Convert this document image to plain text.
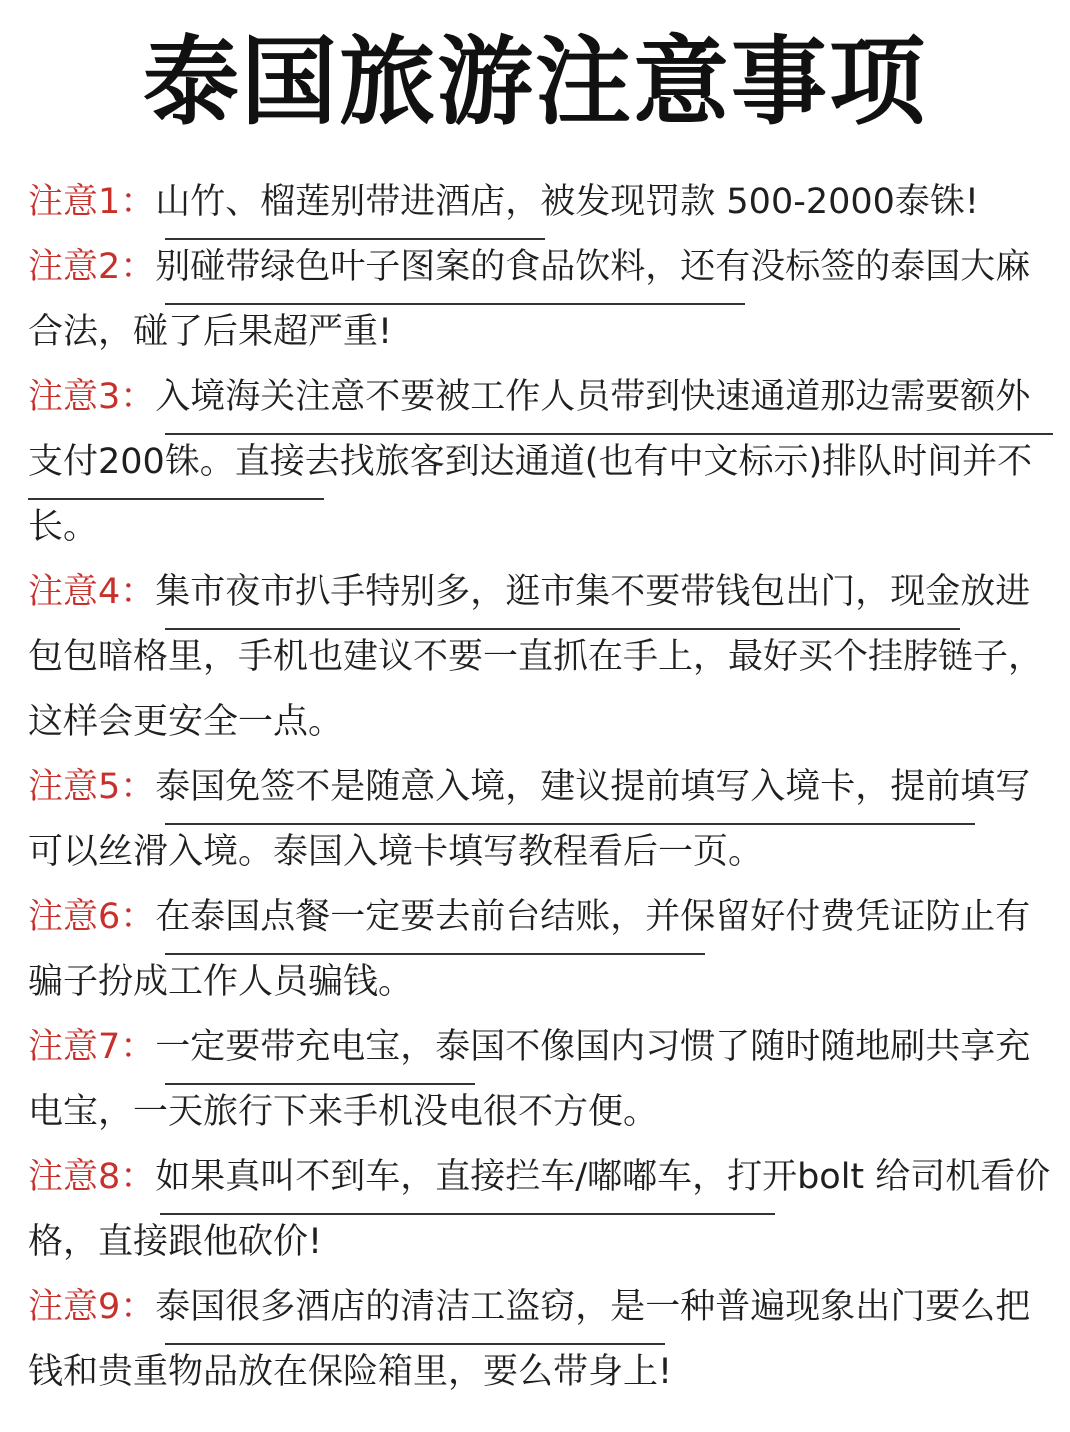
泰国旅游注意事项

注意1：山竹、榴莲别带进酒店，被发现罚款 500-2000泰铢!

注意2：别碰带绿色叶子图案的食品饮料，还有没标签的泰国大麻合法，碰了后果超严重!

注意3：入境海关注意不要被工作人员带到快速通道那边需要额外支付200铢。直接去找旅客到达通道(也有中文标示)排队时间并不长。

注意4：集市夜市扒手特别多，逛市集不要带钱包出门，现金放进包包暗格里，手机也建议不要一直抓在手上，最好买个挂脖链子，这样会更安全一点。

注意5：泰国免签不是随意入境，建议提前填写入境卡，提前填写可以丝滑入境。泰国入境卡填写教程看后一页。

注意6：在泰国点餐一定要去前台结账，并保留好付费凭证防止有骗子扮成工作人员骗钱。

注意7：一定要带充电宝，泰国不像国内习惯了随时随地刷共享充电宝，一天旅行下来手机没电很不方便。

注意8：如果真叫不到车，直接拦车/嘟嘟车，打开bolt 给司机看价格，直接跟他砍价!

注意9：泰国很多酒店的清洁工盗窃，是一种普遍现象出门要么把钱和贵重物品放在保险箱里，要么带身上!
